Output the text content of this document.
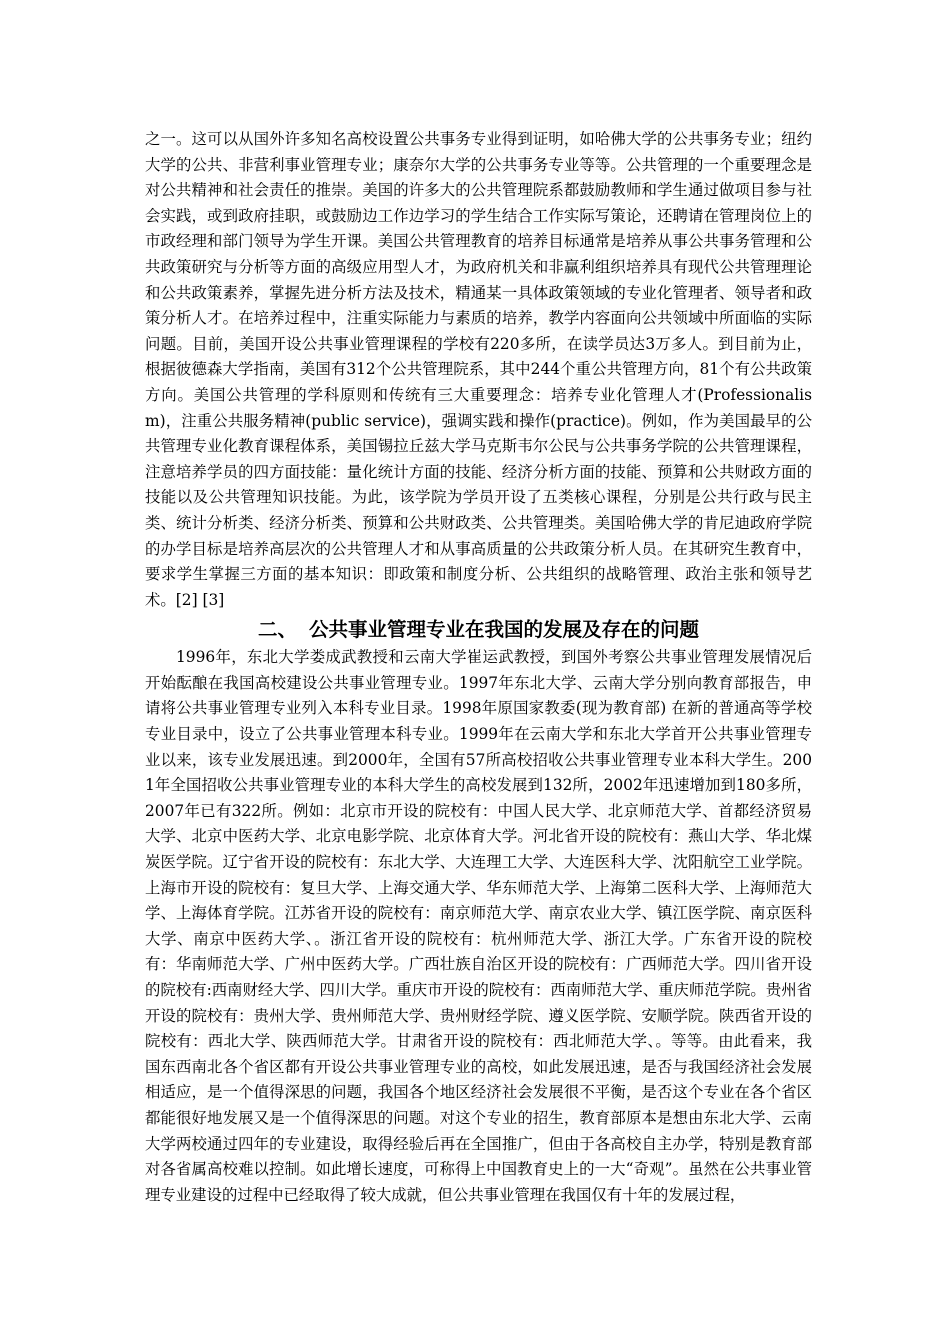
之一。这可以从国外许多知名高校设置公共事务专业得到证明，如哈佛大学的公共事务专业；纽约大学的公共、非营利事业管理专业；康奈尔大学的公共事务专业等等。公共管理的一个重要理念是对公共精神和社会责任的推崇。美国的许多大的公共管理院系都鼓励教师和学生通过做项目参与社会实践，或到政府挂职，或鼓励边工作边学习的学生结合工作实际写策论，还聘请在管理岗位上的市政经理和部门领导为学生开课。美国公共管理教育的培养目标通常是培养从事公共事务管理和公共政策研究与分析等方面的高级应用型人才，为政府机关和非赢利组织培养具有现代公共管理理论和公共政策素养，掌握先进分析方法及技术，精通某一具体政策领域的专业化管理者、领导者和政策分析人才。在培养过程中，注重实际能力与素质的培养，教学内容面向公共领域中所面临的实际问题。目前，美国开设公共事业管理课程的学校有220多所，在读学员达3万多人。到目前为止，根据彼德森大学指南，美国有312个公共管理院系，其中244个重公共管理方向，81个有公共政策方向。美国公共管理的学科原则和传统有三大重要理念：培养专业化管理人才(Professionalism)，注重公共服务精神(public service)，强调实践和操作(practice)。例如，作为美国最早的公共管理专业化教育课程体系，美国锡拉丘兹大学马克斯韦尔公民与公共事务学院的公共管理课程，注意培养学员的四方面技能：量化统计方面的技能、经济分析方面的技能、预算和公共财政方面的技能以及公共管理知识技能。为此，该学院为学员开设了五类核心课程，分别是公共行政与民主类、统计分析类、经济分析类、预算和公共财政类、公共管理类。美国哈佛大学的肯尼迪政府学院的办学目标是培养高层次的公共管理人才和从事高质量的公共政策分析人员。在其研究生教育中，要求学生掌握三方面的基本知识：即政策和制度分析、公共组织的战略管理、政治主张和领导艺术。[2] [3]

二、 公共事业管理专业在我国的发展及存在的问题

1996年，东北大学娄成武教授和云南大学崔运武教授，到国外考察公共事业管理发展情况后开始酝酿在我国高校建设公共事业管理专业。1997年东北大学、云南大学分别向教育部报告，申请将公共事业管理专业列入本科专业目录。1998年原国家教委(现为教育部) 在新的普通高等学校专业目录中，设立了公共事业管理本科专业。1999年在云南大学和东北大学首开公共事业管理专业以来，该专业发展迅速。到2000年，全国有57所高校招收公共事业管理专业本科大学生。2001年全国招收公共事业管理专业的本科大学生的高校发展到132所，2002年迅速增加到180多所，2007年已有322所。例如：北京市开设的院校有：中国人民大学、北京师范大学、首都经济贸易大学、北京中医药大学、北京电影学院、北京体育大学。河北省开设的院校有：燕山大学、华北煤炭医学院。辽宁省开设的院校有：东北大学、大连理工大学、大连医科大学、沈阳航空工业学院。上海市开设的院校有：复旦大学、上海交通大学、华东师范大学、上海第二医科大学、上海师范大学、上海体育学院。江苏省开设的院校有：南京师范大学、南京农业大学、镇江医学院、南京医科大学、南京中医药大学、。浙江省开设的院校有：杭州师范大学、浙江大学。广东省开设的院校有：华南师范大学、广州中医药大学。广西壮族自治区开设的院校有：广西师范大学。四川省开设的院校有:西南财经大学、四川大学。重庆市开设的院校有：西南师范大学、重庆师范学院。贵州省开设的院校有：贵州大学、贵州师范大学、贵州财经学院、遵义医学院、安顺学院。陕西省开设的院校有：西北大学、陕西师范大学。甘肃省开设的院校有：西北师范大学、。等等。由此看来，我国东西南北各个省区都有开设公共事业管理专业的高校，如此发展迅速，是否与我国经济社会发展相适应，是一个值得深思的问题，我国各个地区经济社会发展很不平衡，是否这个专业在各个省区都能很好地发展又是一个值得深思的问题。对这个专业的招生，教育部原本是想由东北大学、云南大学两校通过四年的专业建设，取得经验后再在全国推广，但由于各高校自主办学，特别是教育部对各省属高校难以控制。如此增长速度，可称得上中国教育史上的一大“奇观”。虽然在公共事业管理专业建设的过程中已经取得了较大成就，但公共事业管理在我国仅有十年的发展过程，
